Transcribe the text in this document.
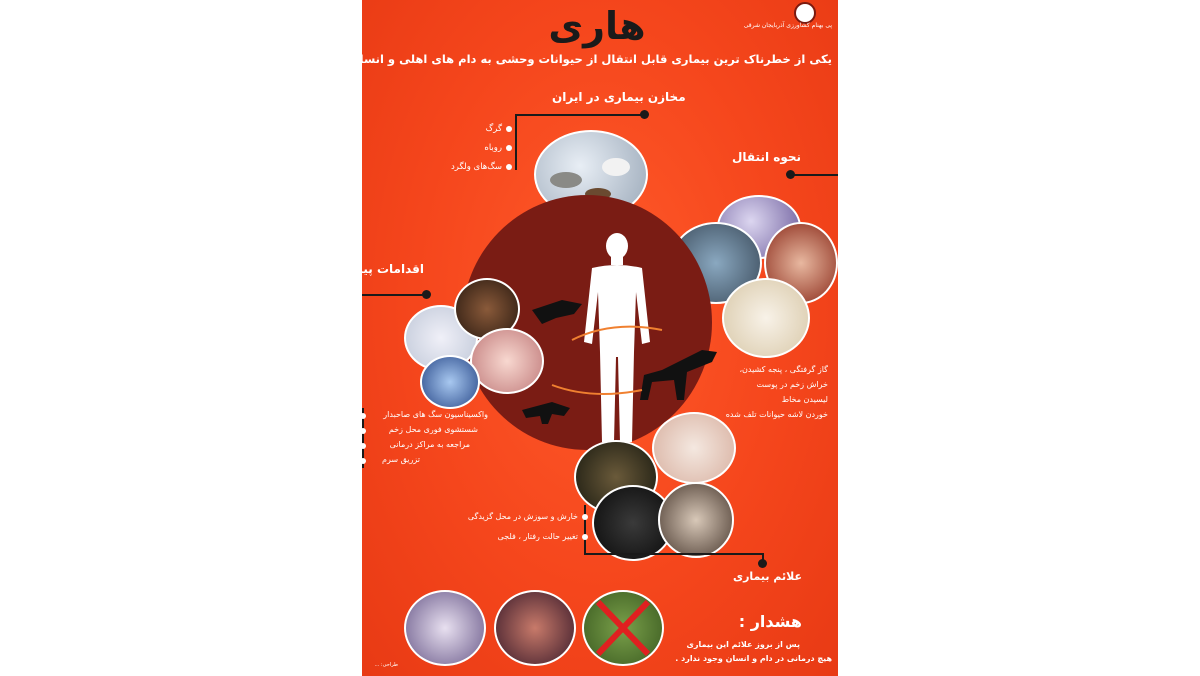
پی بهنام کشاورزی آذربایجان شرقی
هاری
یکی از خطرناک ترین بیماری قابل انتقال از حیوانات وحشی به دام های اهلی و انسان
مخازن بیماری در ایران
گرگ
روباه
سگ‌های ولگرد
نحوه انتقال
گاز گرفتگی ، پنجه کشیدن،
خراش زخم در پوست
لیسیدن مخاط
خوردن لاشه حیوانات تلف شده
اقدامات پیشگیری
واکسیناسیون سگ های صاحبدار
شستشوی فوری محل زخم
مراجعه به مراکز درمانی
تزریق سرم
خارش و سوزش در محل گزیدگی
تغییر حالت رفتار ، فلجی
علائم بیماری
هشدار :
پس از بروز علائم این بیماری
هیچ درمانی در دام و انسان وجود ندارد .
طراحی: ...
